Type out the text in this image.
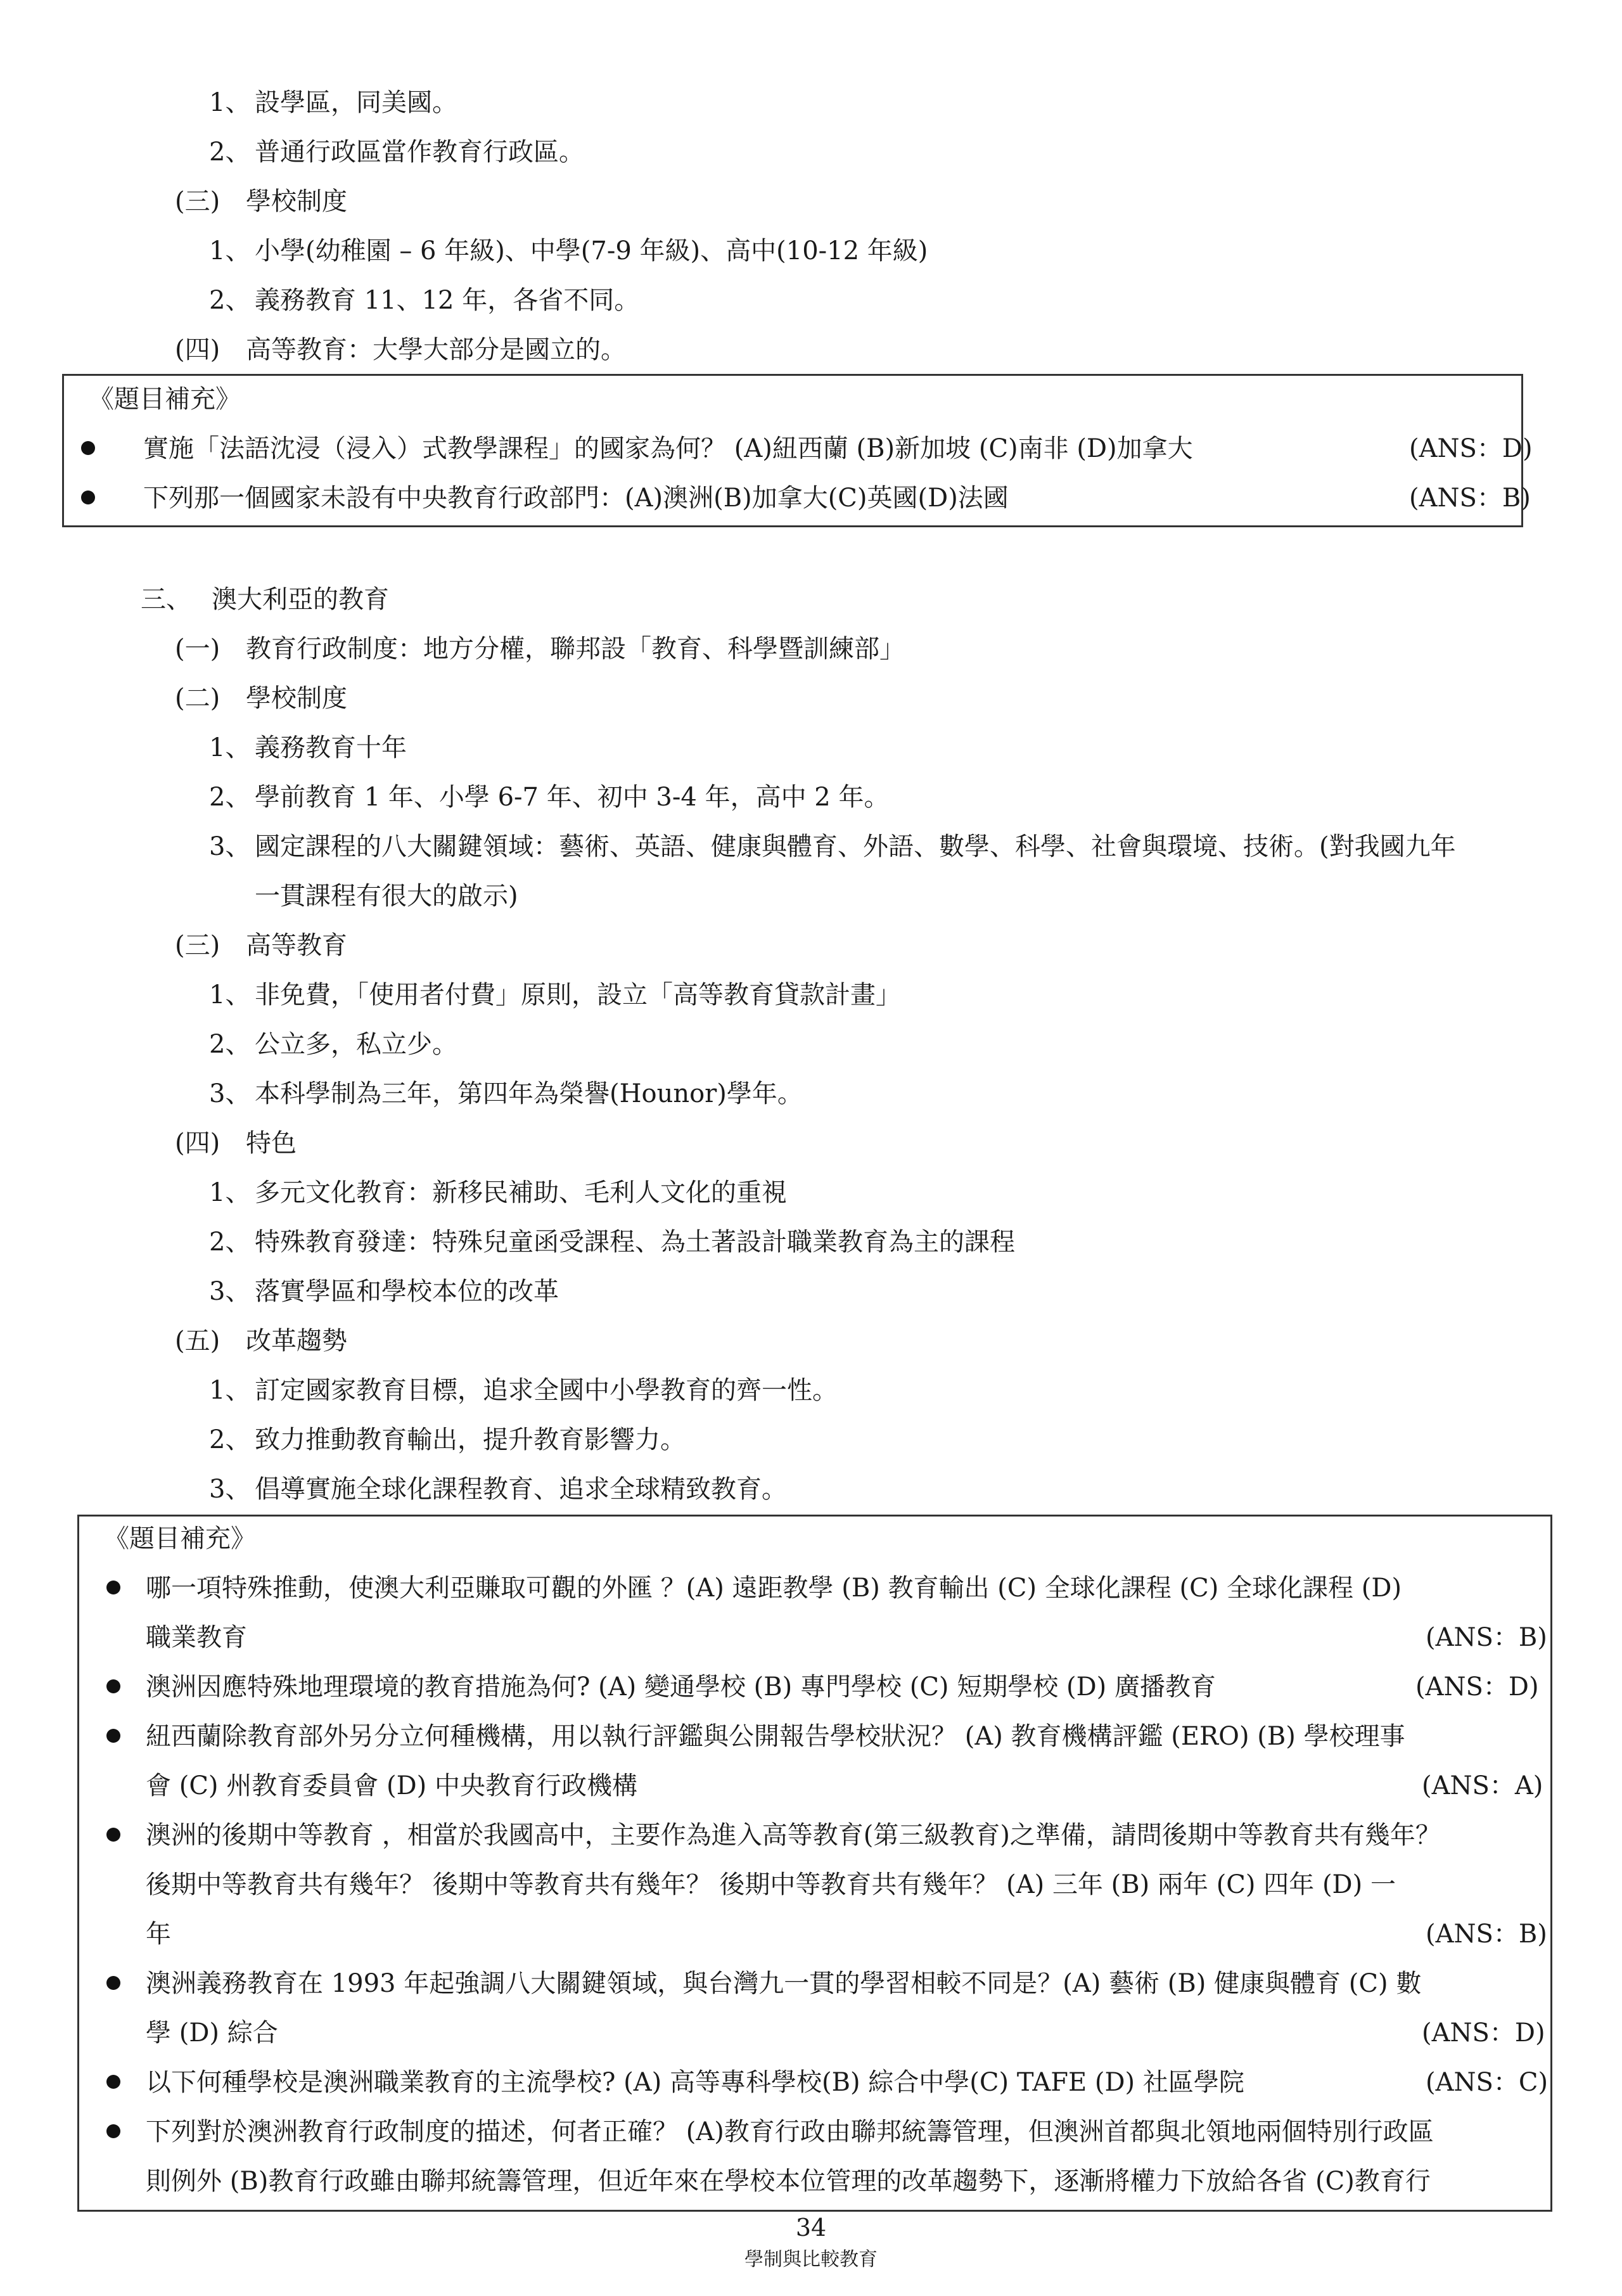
1、 設學區，同美國。
2、 普通行政區當作教育行政區。
(三) 學校制度
1、 小學(幼稚園 – 6 年級)、中學(7-9 年級)、高中(10-12 年級)
2、 義務教育 11、12 年，各省不同。
(四) 高等教育：大學大部分是國立的。
《題目補充》
實施「法語沈浸（浸入）式教學課程」的國家為何？ (A)紐西蘭 (B)新加坡 (C)南非 (D)加拿大	(ANS：D)
下列那一個國家未設有中央教育行政部門：(A)澳洲(B)加拿大(C)英國(D)法國	(ANS：B)
三、 澳大利亞的教育
(一) 教育行政制度：地方分權，聯邦設「教育、科學暨訓練部」
(二) 學校制度
1、 義務教育十年
2、 學前教育 1 年、小學 6-7 年、初中 3-4 年，高中 2 年。
3、 國定課程的八大關鍵領域：藝術、英語、健康與體育、外語、數學、科學、社會與環境、技術。(對我國九年
一貫課程有很大的啟示)
(三) 高等教育
1、 非免費，「使用者付費」原則，設立「高等教育貸款計畫」
2、 公立多，私立少。
3、 本科學制為三年，第四年為榮譽(Hounor)學年。
(四) 特色
1、 多元文化教育：新移民補助、毛利人文化的重視
2、 特殊教育發達：特殊兒童函受課程、為土著設計職業教育為主的課程
3、 落實學區和學校本位的改革
(五) 改革趨勢
1、 訂定國家教育目標，追求全國中小學教育的齊一性。
2、 致力推動教育輸出，提升教育影響力。
3、 倡導實施全球化課程教育、追求全球精致教育。
《題目補充》
哪一項特殊推動，使澳大利亞賺取可觀的外匯 ？(A) 遠距教學 (B) 教育輸出 (C) 全球化課程 (C) 全球化課程 (D)
職業教育	(ANS：B)
澳洲因應特殊地理環境的教育措施為何? (A) 變通學校 (B) 專門學校 (C) 短期學校 (D) 廣播教育	(ANS：D)
紐西蘭除教育部外另分立何種機構，用以執行評鑑與公開報告學校狀況？ (A) 教育機構評鑑 (ERO) (B) 學校理事
會 (C) 州教育委員會 (D) 中央教育行政機構	(ANS：A)
澳洲的後期中等教育 ，相當於我國高中，主要作為進入高等教育(第三級教育)之準備，請問後期中等教育共有幾年？
後期中等教育共有幾年？ 後期中等教育共有幾年？ 後期中等教育共有幾年？ (A) 三年 (B) 兩年 (C) 四年 (D) 一
年	(ANS：B)
澳洲義務教育在 1993 年起強調八大關鍵領域，與台灣九一貫的學習相較不同是？(A) 藝術 (B) 健康與體育 (C) 數
學 (D) 綜合	(ANS：D)
以下何種學校是澳洲職業教育的主流學校? (A) 高等專科學校(B) 綜合中學(C) TAFE (D) 社區學院	(ANS：C)
下列對於澳洲教育行政制度的描述，何者正確？ (A)教育行政由聯邦統籌管理，但澳洲首都與北領地兩個特別行政區
則例外 (B)教育行政雖由聯邦統籌管理，但近年來在學校本位管理的改革趨勢下，逐漸將權力下放給各省 (C)教育行
34
學制與比較教育
